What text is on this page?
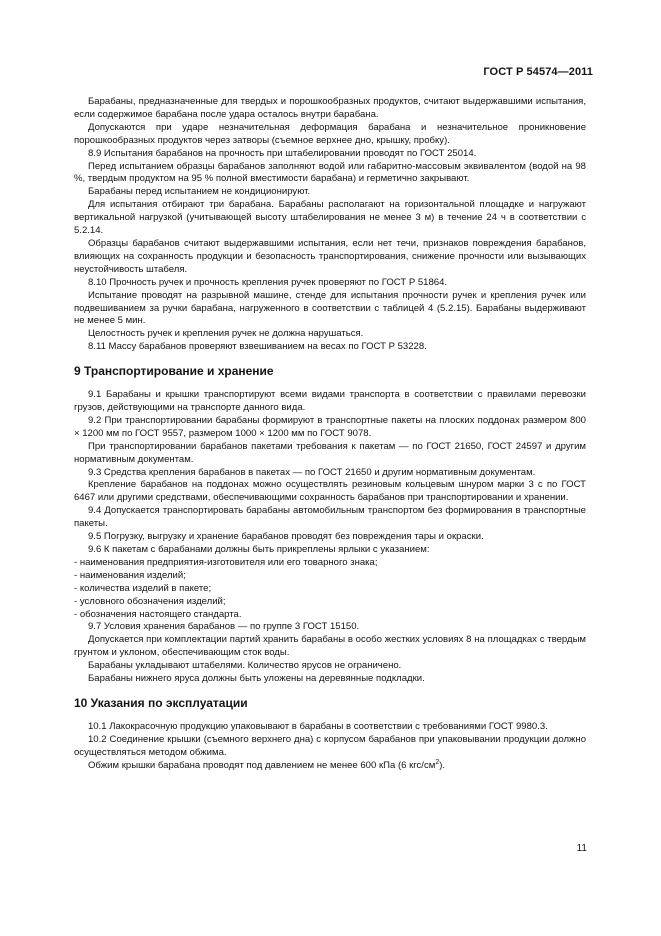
ГОСТ Р 54574—2011

Барабаны, предназначенные для твердых и порошкообразных продуктов, считают выдержавшими испытания, если содержимое барабана после удара осталось внутри барабана.

Допускаются при ударе незначительная деформация барабана и незначительное проникновение порошкообразных продуктов через затворы (съемное верхнее дно, крышку, пробку).

8.9 Испытания барабанов на прочность при штабелировании проводят по ГОСТ 25014.

Перед испытанием образцы барабанов заполняют водой или габаритно-массовым эквивалентом (водой на 98 %, твердым продуктом на 95 % полной вместимости барабана) и герметично закрывают.

Барабаны перед испытанием не кондиционируют.

Для испытания отбирают три барабана. Барабаны располагают на горизонтальной площадке и нагружают вертикальной нагрузкой (учитывающей высоту штабелирования не менее 3 м) в течение 24 ч в соответствии с 5.2.14.

Образцы барабанов считают выдержавшими испытания, если нет течи, признаков повреждения барабанов, влияющих на сохранность продукции и безопасность транспортирования, снижение прочности или вызывающих неустойчивость штабеля.

8.10 Прочность ручек и прочность крепления ручек проверяют по ГОСТ Р 51864.

Испытание проводят на разрывной машине, стенде для испытания прочности ручек и крепления ручек или подвешиванием за ручки барабана, нагруженного в соответствии с таблицей 4 (5.2.15). Барабаны выдерживают не менее 5 мин.

Целостность ручек и крепления ручек не должна нарушаться.

8.11 Массу барабанов проверяют взвешиванием на весах по ГОСТ Р 53228.

9 Транспортирование и хранение

9.1 Барабаны и крышки транспортируют всеми видами транспорта в соответствии с правилами перевозки грузов, действующими на транспорте данного вида.

9.2 При транспортировании барабаны формируют в транспортные пакеты на плоских поддонах размером 800 × 1200 мм по ГОСТ 9557, размером 1000 × 1200 мм по ГОСТ 9078.

При транспортировании барабанов пакетами требования к пакетам — по ГОСТ 21650, ГОСТ 24597 и другим нормативным документам.

9.3 Средства крепления барабанов в пакетах — по ГОСТ 21650 и другим нормативным документам.

Крепление барабанов на поддонах можно осуществлять резиновым кольцевым шнуром марки 3 с по ГОСТ 6467 или другими средствами, обеспечивающими сохранность барабанов при транспортировании и хранении.

9.4 Допускается транспортировать барабаны автомобильным транспортом без формирования в транспортные пакеты.

9.5 Погрузку, выгрузку и хранение барабанов проводят без повреждения тары и окраски.

9.6 К пакетам с барабанами должны быть прикреплены ярлыки с указанием:

- наименования предприятия-изготовителя или его товарного знака;

- наименования изделий;

- количества изделий в пакете;

- условного обозначения изделий;

- обозначения настоящего стандарта.

9.7 Условия хранения барабанов — по группе 3 ГОСТ 15150.

Допускается при комплектации партий хранить барабаны в особо жестких условиях 8 на площадках с твердым грунтом и уклоном, обеспечивающим сток воды.

Барабаны укладывают штабелями. Количество ярусов не ограничено.

Барабаны нижнего яруса должны быть уложены на деревянные подкладки.

10 Указания по эксплуатации

10.1 Лакокрасочную продукцию упаковывают в барабаны в соответствии с требованиями ГОСТ 9980.3.

10.2 Соединение крышки (съемного верхнего дна) с корпусом барабанов при упаковывании продукции должно осуществляться методом обжима.

Обжим крышки барабана проводят под давлением не менее 600 кПа (6 кгс/$см^2$).

11
